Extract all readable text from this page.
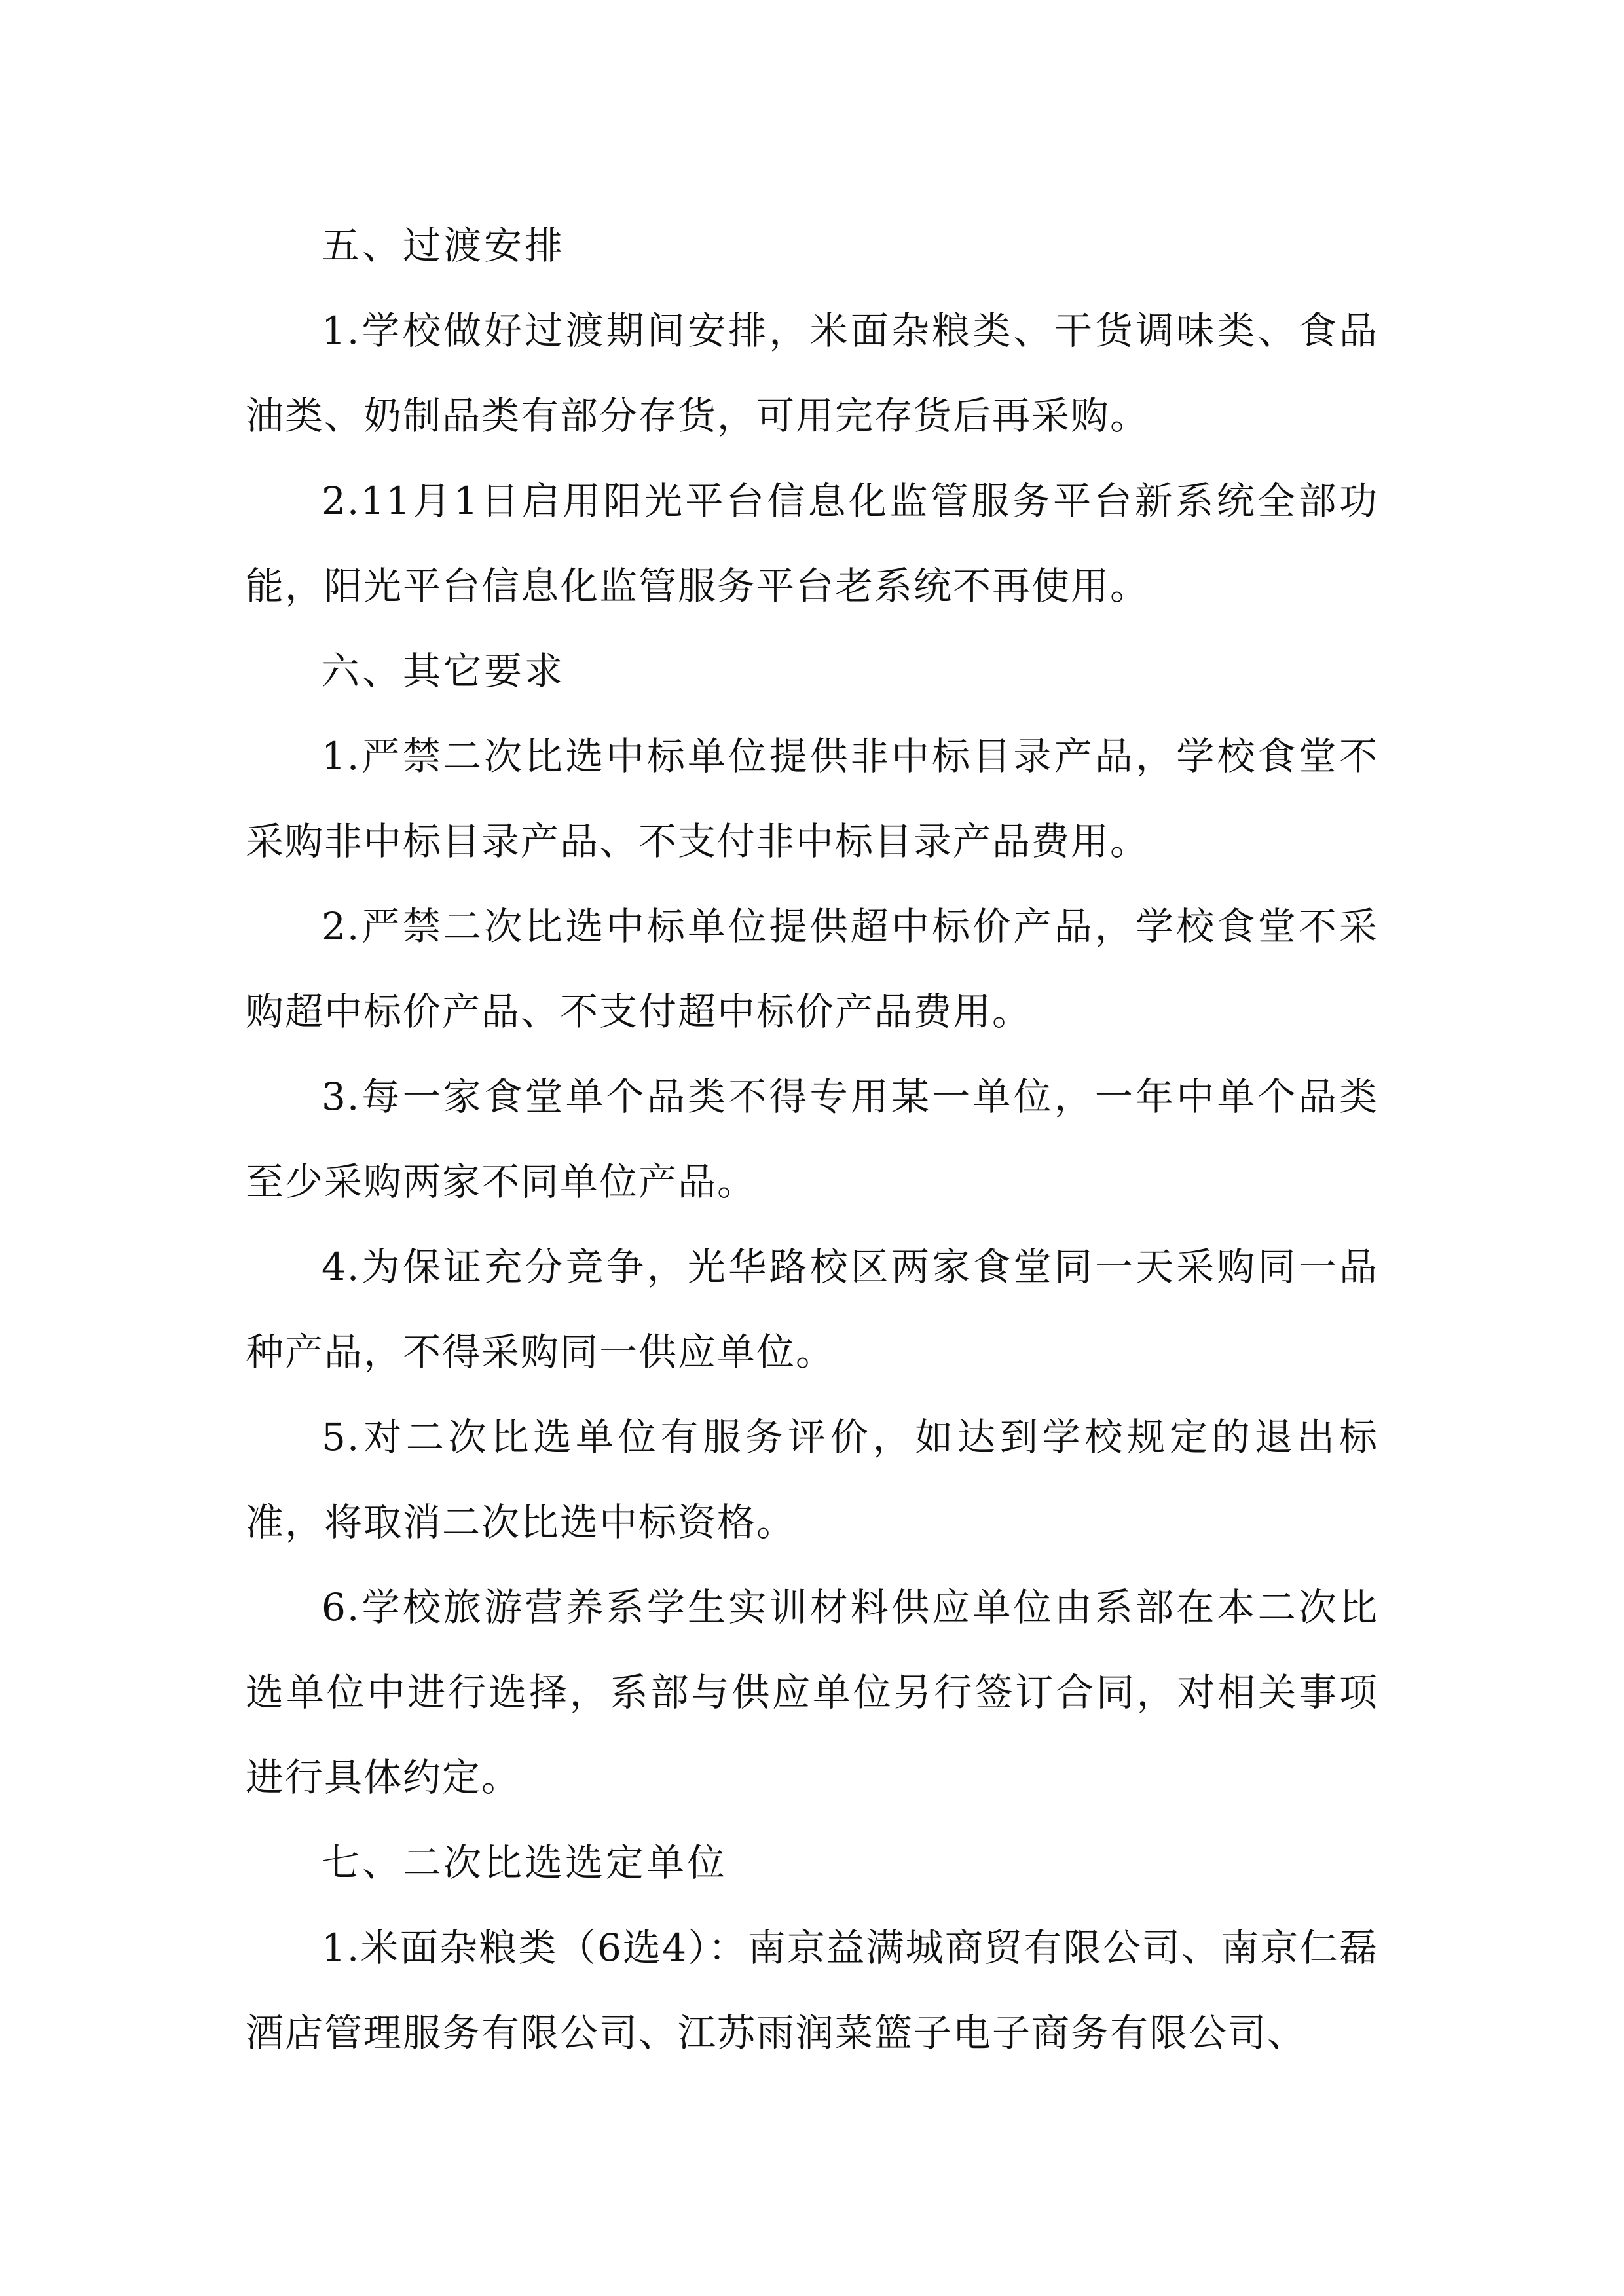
五、过渡安排

1.学校做好过渡期间安排，米面杂粮类、干货调味类、食品油类、奶制品类有部分存货，可用完存货后再采购。

2.11月1日启用阳光平台信息化监管服务平台新系统全部功能，阳光平台信息化监管服务平台老系统不再使用。

六、其它要求

1.严禁二次比选中标单位提供非中标目录产品，学校食堂不采购非中标目录产品、不支付非中标目录产品费用。

2.严禁二次比选中标单位提供超中标价产品，学校食堂不采购超中标价产品、不支付超中标价产品费用。

3.每一家食堂单个品类不得专用某一单位，一年中单个品类至少采购两家不同单位产品。

4.为保证充分竞争，光华路校区两家食堂同一天采购同一品种产品，不得采购同一供应单位。

5.对二次比选单位有服务评价，如达到学校规定的退出标准，将取消二次比选中标资格。

6.学校旅游营养系学生实训材料供应单位由系部在本二次比选单位中进行选择，系部与供应单位另行签订合同，对相关事项进行具体约定。

七、二次比选选定单位

1.米面杂粮类（6选4）：南京益满城商贸有限公司、南京仁磊酒店管理服务有限公司、江苏雨润菜篮子电子商务有限公司、
